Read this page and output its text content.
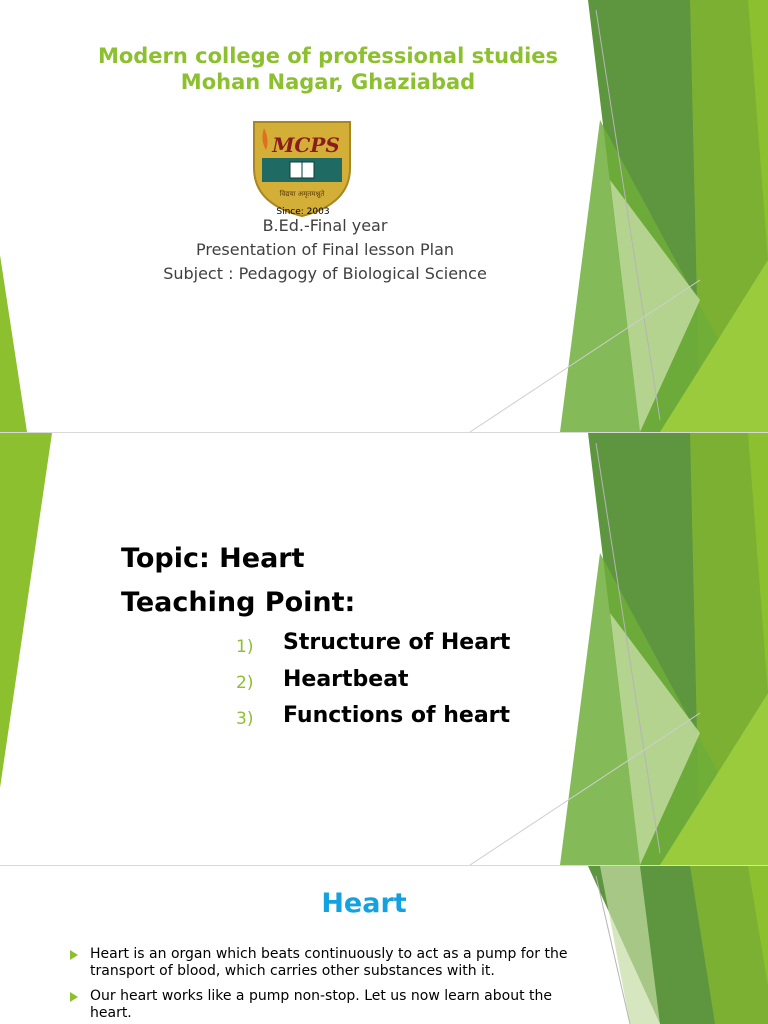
Modern college of professional studies

Mohan Nagar, Ghaziabad

MCPS
विद्यया अमृतमश्नुते

Since: 2003

B.Ed.-Final year

Presentation of Final lesson Plan

Subject : Pedagogy of Biological Science

Topic: Heart

Teaching Point:

1)	Structure of Heart
2)	Heartbeat
3)	Functions of heart

Heart

Heart is an organ which beats continuously to act as a pump for the transport of blood, which carries other substances with it.

Our heart works like a pump non-stop. Let us now learn about the heart.
